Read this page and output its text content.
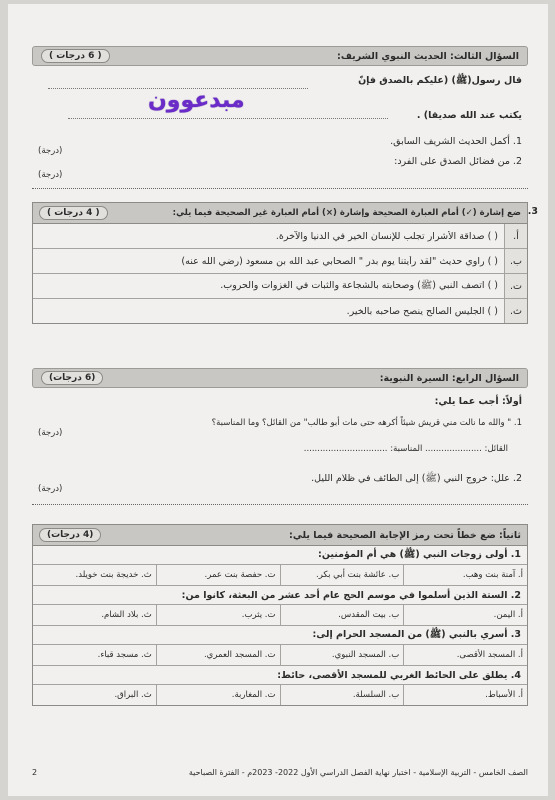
السؤال الثالث: الحديث النبوي الشريف:
( 6 درجات )
قال رسول(ﷺ) (عليكم بالصدق فإنّ
يكتب عند الله صديقا) .
مبدعوون
1. أكمل الحديث الشريف السابق.
(درجة)
2. من فضائل الصدق على الفرد:
(درجة)
3.
ضع إشارة (✓) أمام العبارة الصحيحة وإشارة (×) أمام العبارة غير الصحيحة فيما يلي:
( 4 درجات )
أ.
( ) صداقة الأشرار تجلب للإنسان الخير في الدنيا والآخرة.
ب.
( ) راوي حديث "لقد رأيتنا يوم بدر " الصحابي عبد الله بن مسعود (رضي الله عنه)
ت.
( ) اتصف النبي (ﷺ) وصحابته بالشجاعة والثبات في الغزوات والحروب.
ث.
( ) الجليس الصالح ينصح صاحبه بالخير.
السؤال الرابع: السيرة النبوية:
(6 درجات)
أولاً: أجب عما يلي:
1. " والله ما نالت مني قريش شيئاً أكرهه حتى مات أبو طالب" من القائل؟ وما المناسبة؟
(درجة)
القائل: ..................... المناسبة: ...............................
2. علل: خروج النبي (ﷺ) إلى الطائف في ظلام الليل.
(درجة)
ثانياً: ضع خطاً تحت رمز الإجابة الصحيحة فيما يلي:
(4 درجات)
1. أولى زوجات النبي (ﷺ) هي أم المؤمنين:
أ. آمنة بنت وهب.
ب. عائشة بنت أبي بكر.
ت. حفصة بنت عمر.
ث. خديجة بنت خويلد.
2. الستة الذين أسلموا في موسم الحج عام أحد عشر من البعثة، كانوا من:
أ. اليمن.
ب. بيت المقدس.
ت. يثرب.
ث. بلاد الشام.
3. أسري بالنبي (ﷺ) من المسجد الحرام إلى:
أ. المسجد الأقصى.
ب. المسجد النبوي.
ت. المسجد العمري.
ث. مسجد قباء.
4. يطلق على الحائط الغربي للمسجد الأقصى، حائط:
أ. الأسباط.
ب. السلسلة.
ت. المغاربة.
ث. البراق.
الصف الخامس - التربية الإسلامية - اختبار نهاية الفصل الدراسي الأول 2022- 2023م - الفترة الصباحية
2
